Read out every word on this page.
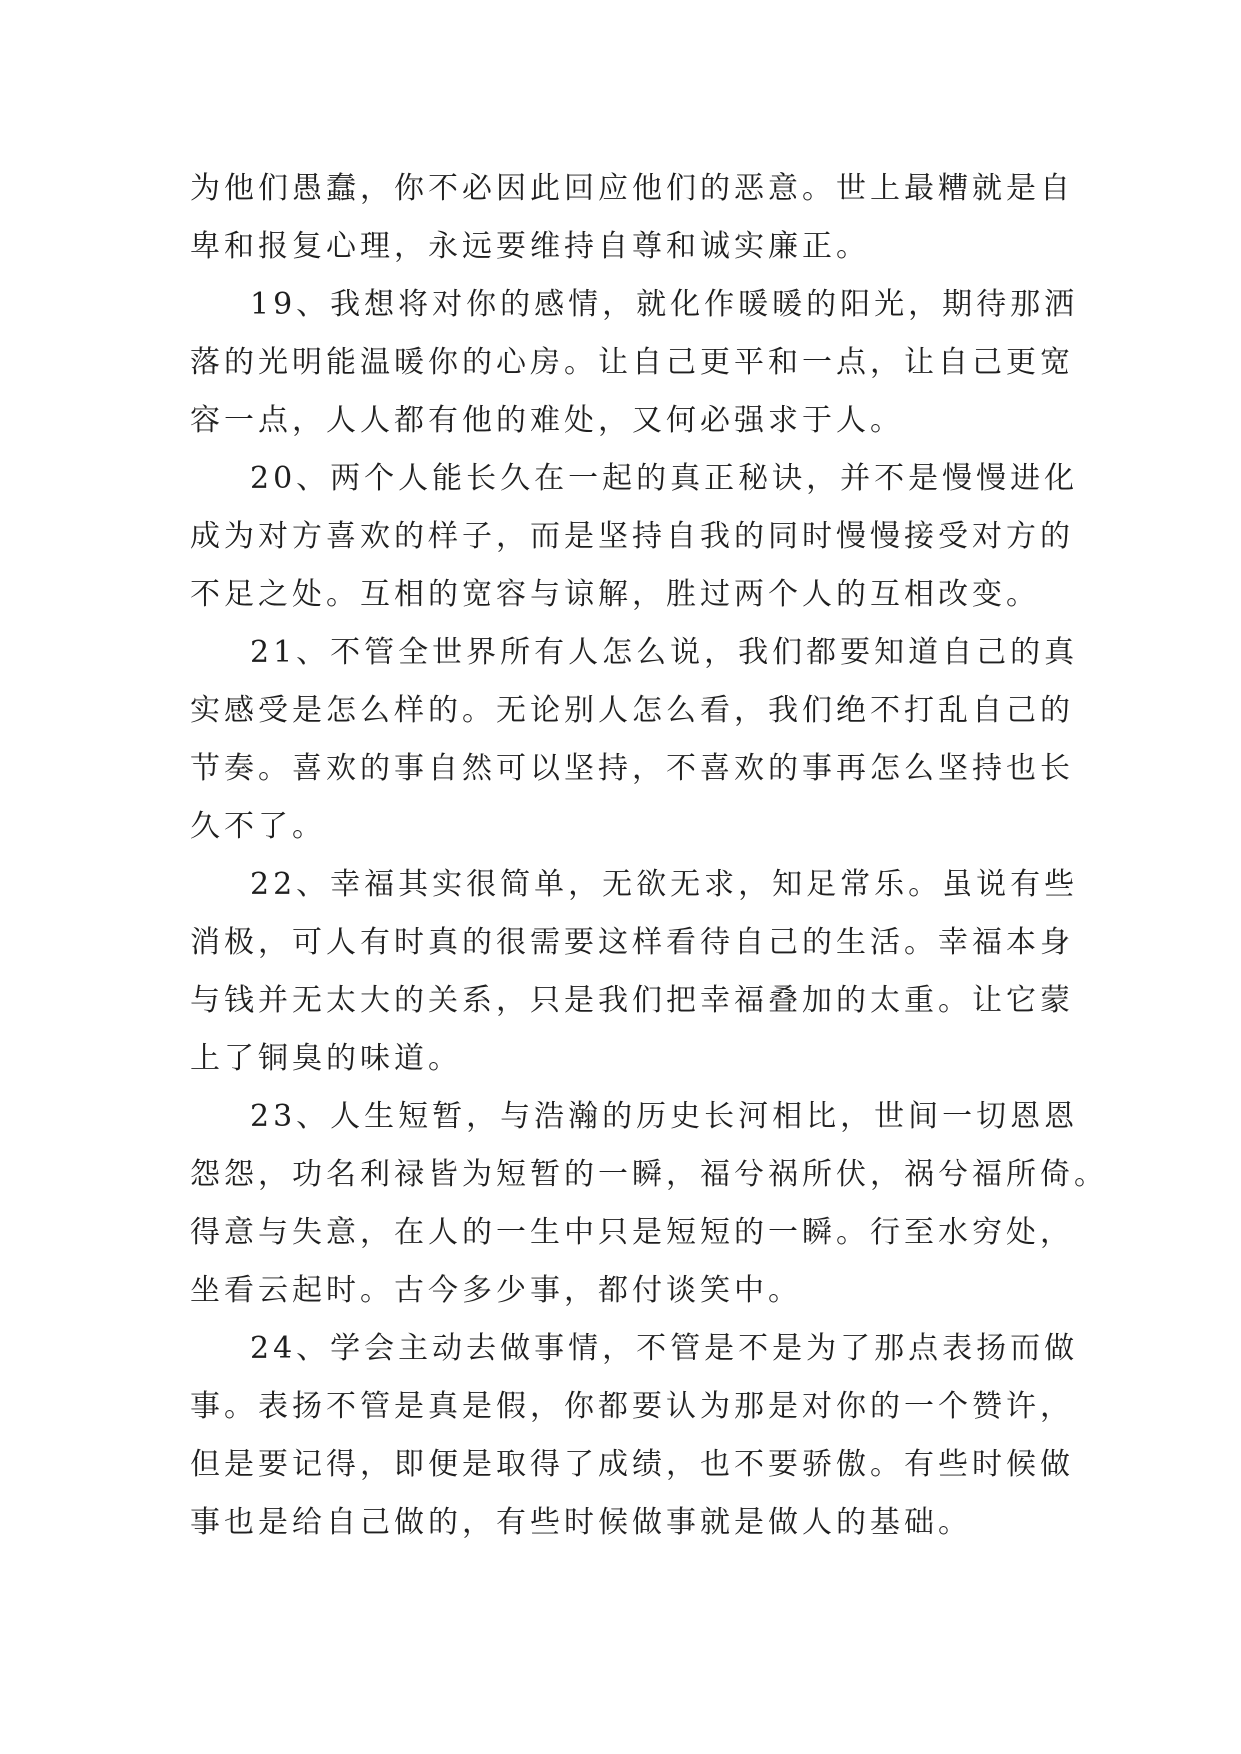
为他们愚蠢，你不必因此回应他们的恶意。世上最糟就是自
卑和报复心理，永远要维持自尊和诚实廉正。
19、我想将对你的感情，就化作暖暖的阳光，期待那洒
落的光明能温暖你的心房。让自己更平和一点，让自己更宽
容一点，人人都有他的难处，又何必强求于人。
20、两个人能长久在一起的真正秘诀，并不是慢慢进化
成为对方喜欢的样子，而是坚持自我的同时慢慢接受对方的
不足之处。互相的宽容与谅解，胜过两个人的互相改变。
21、不管全世界所有人怎么说，我们都要知道自己的真
实感受是怎么样的。无论别人怎么看，我们绝不打乱自己的
节奏。喜欢的事自然可以坚持，不喜欢的事再怎么坚持也长
久不了。
22、幸福其实很简单，无欲无求，知足常乐。虽说有些
消极，可人有时真的很需要这样看待自己的生活。幸福本身
与钱并无太大的关系，只是我们把幸福叠加的太重。让它蒙
上了铜臭的味道。
23、人生短暂，与浩瀚的历史长河相比，世间一切恩恩
怨怨，功名利禄皆为短暂的一瞬，福兮祸所伏，祸兮福所倚。
得意与失意，在人的一生中只是短短的一瞬。行至水穷处，
坐看云起时。古今多少事，都付谈笑中。
24、学会主动去做事情，不管是不是为了那点表扬而做
事。表扬不管是真是假，你都要认为那是对你的一个赞许，
但是要记得，即便是取得了成绩，也不要骄傲。有些时候做
事也是给自己做的，有些时候做事就是做人的基础。
